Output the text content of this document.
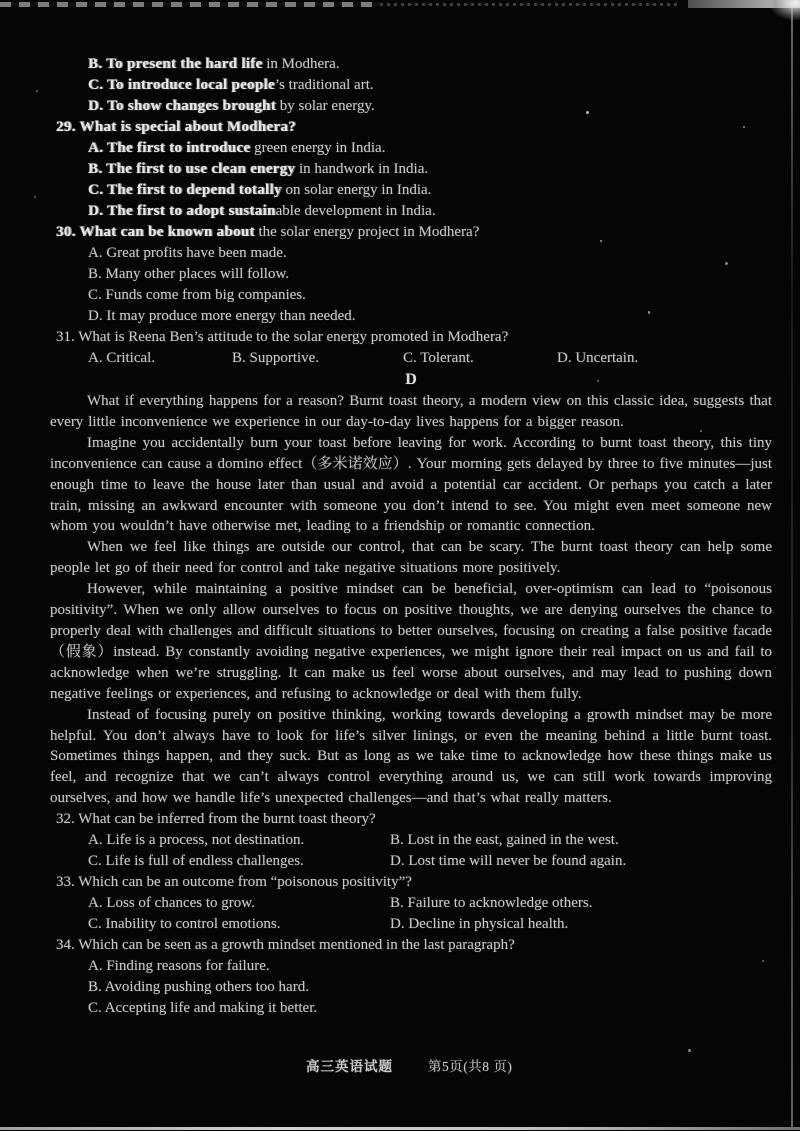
B. To present the hard life in Modhera.
C. To introduce local people’s traditional art.
D. To show changes brought by solar energy.
29. What is special about Modhera?
A. The first to introduce green energy in India.
B. The first to use clean energy in handwork in India.
C. The first to depend totally on solar energy in India.
D. The first to adopt sustainable development in India.
30. What can be known about the solar energy project in Modhera?
A. Great profits have been made.
B. Many other places will follow.
C. Funds come from big companies.
D. It may produce more energy than needed.
31. What is Reena Ben’s attitude to the solar energy promoted in Modhera?
A. Critical.	B. Supportive.	C. Tolerant.	D. Uncertain.
D

What if everything happens for a reason? Burnt toast theory, a modern view on this classic idea, suggests that every little inconvenience we experience in our day-to-day lives happens for a bigger reason.

Imagine you accidentally burn your toast before leaving for work. According to burnt toast theory, this tiny inconvenience can cause a domino effect（多米诺效应）. Your morning gets delayed by three to five minutes—just enough time to leave the house later than usual and avoid a potential car accident. Or perhaps you catch a later train, missing an awkward encounter with someone you don’t intend to see. You might even meet someone new whom you wouldn’t have otherwise met, leading to a friendship or romantic connection.

When we feel like things are outside our control, that can be scary. The burnt toast theory can help some people let go of their need for control and take negative situations more positively.

However, while maintaining a positive mindset can be beneficial, over-optimism can lead to “poisonous positivity”. When we only allow ourselves to focus on positive thoughts, we are denying ourselves the chance to properly deal with challenges and difficult situations to better ourselves, focusing on creating a false positive facade（假象）instead. By constantly avoiding negative experiences, we might ignore their real impact on us and fail to acknowledge when we’re struggling. It can make us feel worse about ourselves, and may lead to pushing down negative feelings or experiences, and refusing to acknowledge or deal with them fully.

Instead of focusing purely on positive thinking, working towards developing a growth mindset may be more helpful. You don’t always have to look for life’s silver linings, or even the meaning behind a little burnt toast. Sometimes things happen, and they suck. But as long as we take time to acknowledge how these things make us feel, and recognize that we can’t always control everything around us, we can still work towards improving ourselves, and how we handle life’s unexpected challenges—and that’s what really matters.

32. What can be inferred from the burnt toast theory?
A. Life is a process, not destination.	B. Lost in the east, gained in the west.
C. Life is full of endless challenges.	D. Lost time will never be found again.
33. Which can be an outcome from “poisonous positivity”?
A. Loss of chances to grow.	B. Failure to acknowledge others.
C. Inability to control emotions.	D. Decline in physical health.
34. Which can be seen as a growth mindset mentioned in the last paragraph?
A. Finding reasons for failure.
B. Avoiding pushing others too hard.
C. Accepting life and making it better.
高三英语试题	第5页(共8 页)
